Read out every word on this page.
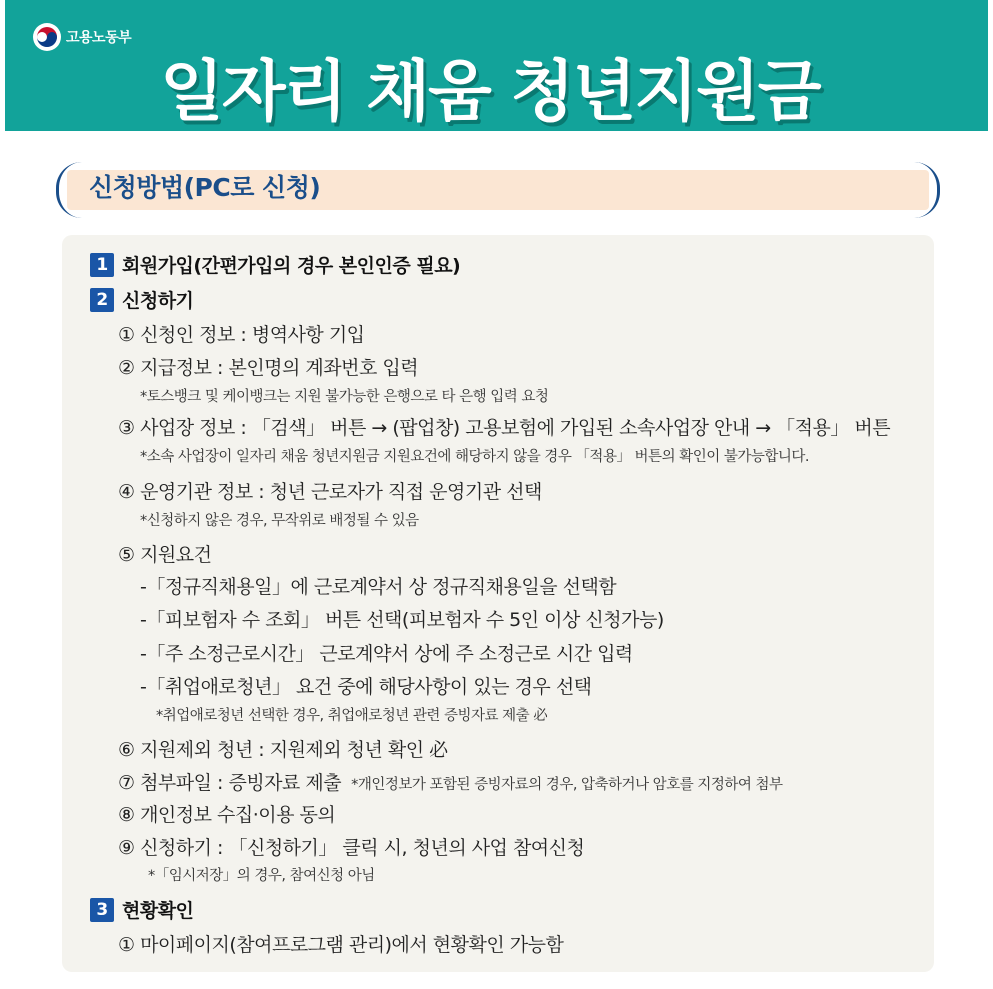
고용노동부
일자리 채움 청년지원금
신청방법(PC로 신청)
1 회원가입(간편가입의 경우 본인인증 필요)
2 신청하기
① 신청인 정보 : 병역사항 기입
② 지급정보 : 본인명의 계좌번호 입력
*토스뱅크 및 케이뱅크는 지원 불가능한 은행으로 타 은행 입력 요청
③ 사업장 정보 : 「검색」 버튼 → (팝업창) 고용보험에 가입된 소속사업장 안내 → 「적용」 버튼
*소속 사업장이 일자리 채움 청년지원금 지원요건에 해당하지 않을 경우 「적용」 버튼의 확인이 불가능합니다.
④ 운영기관 정보 : 청년 근로자가 직접 운영기관 선택
*신청하지 않은 경우, 무작위로 배정될 수 있음
⑤ 지원요건
-「정규직채용일」에 근로계약서 상 정규직채용일을 선택함
-「피보험자 수 조회」 버튼 선택(피보험자 수 5인 이상 신청가능)
-「주 소정근로시간」 근로계약서 상에 주 소정근로 시간 입력
-「취업애로청년」 요건 중에 해당사항이 있는 경우 선택
*취업애로청년 선택한 경우, 취업애로청년 관련 증빙자료 제출 必
⑥ 지원제외 청년 : 지원제외 청년 확인 必
⑦ 첨부파일 : 증빙자료 제출 *개인정보가 포함된 증빙자료의 경우, 압축하거나 암호를 지정하여 첨부
⑧ 개인정보 수집·이용 동의
⑨ 신청하기 : 「신청하기」 클릭 시, 청년의 사업 참여신청
*「임시저장」의 경우, 참여신청 아님
3 현황확인
① 마이페이지(참여프로그램 관리)에서 현황확인 가능함
